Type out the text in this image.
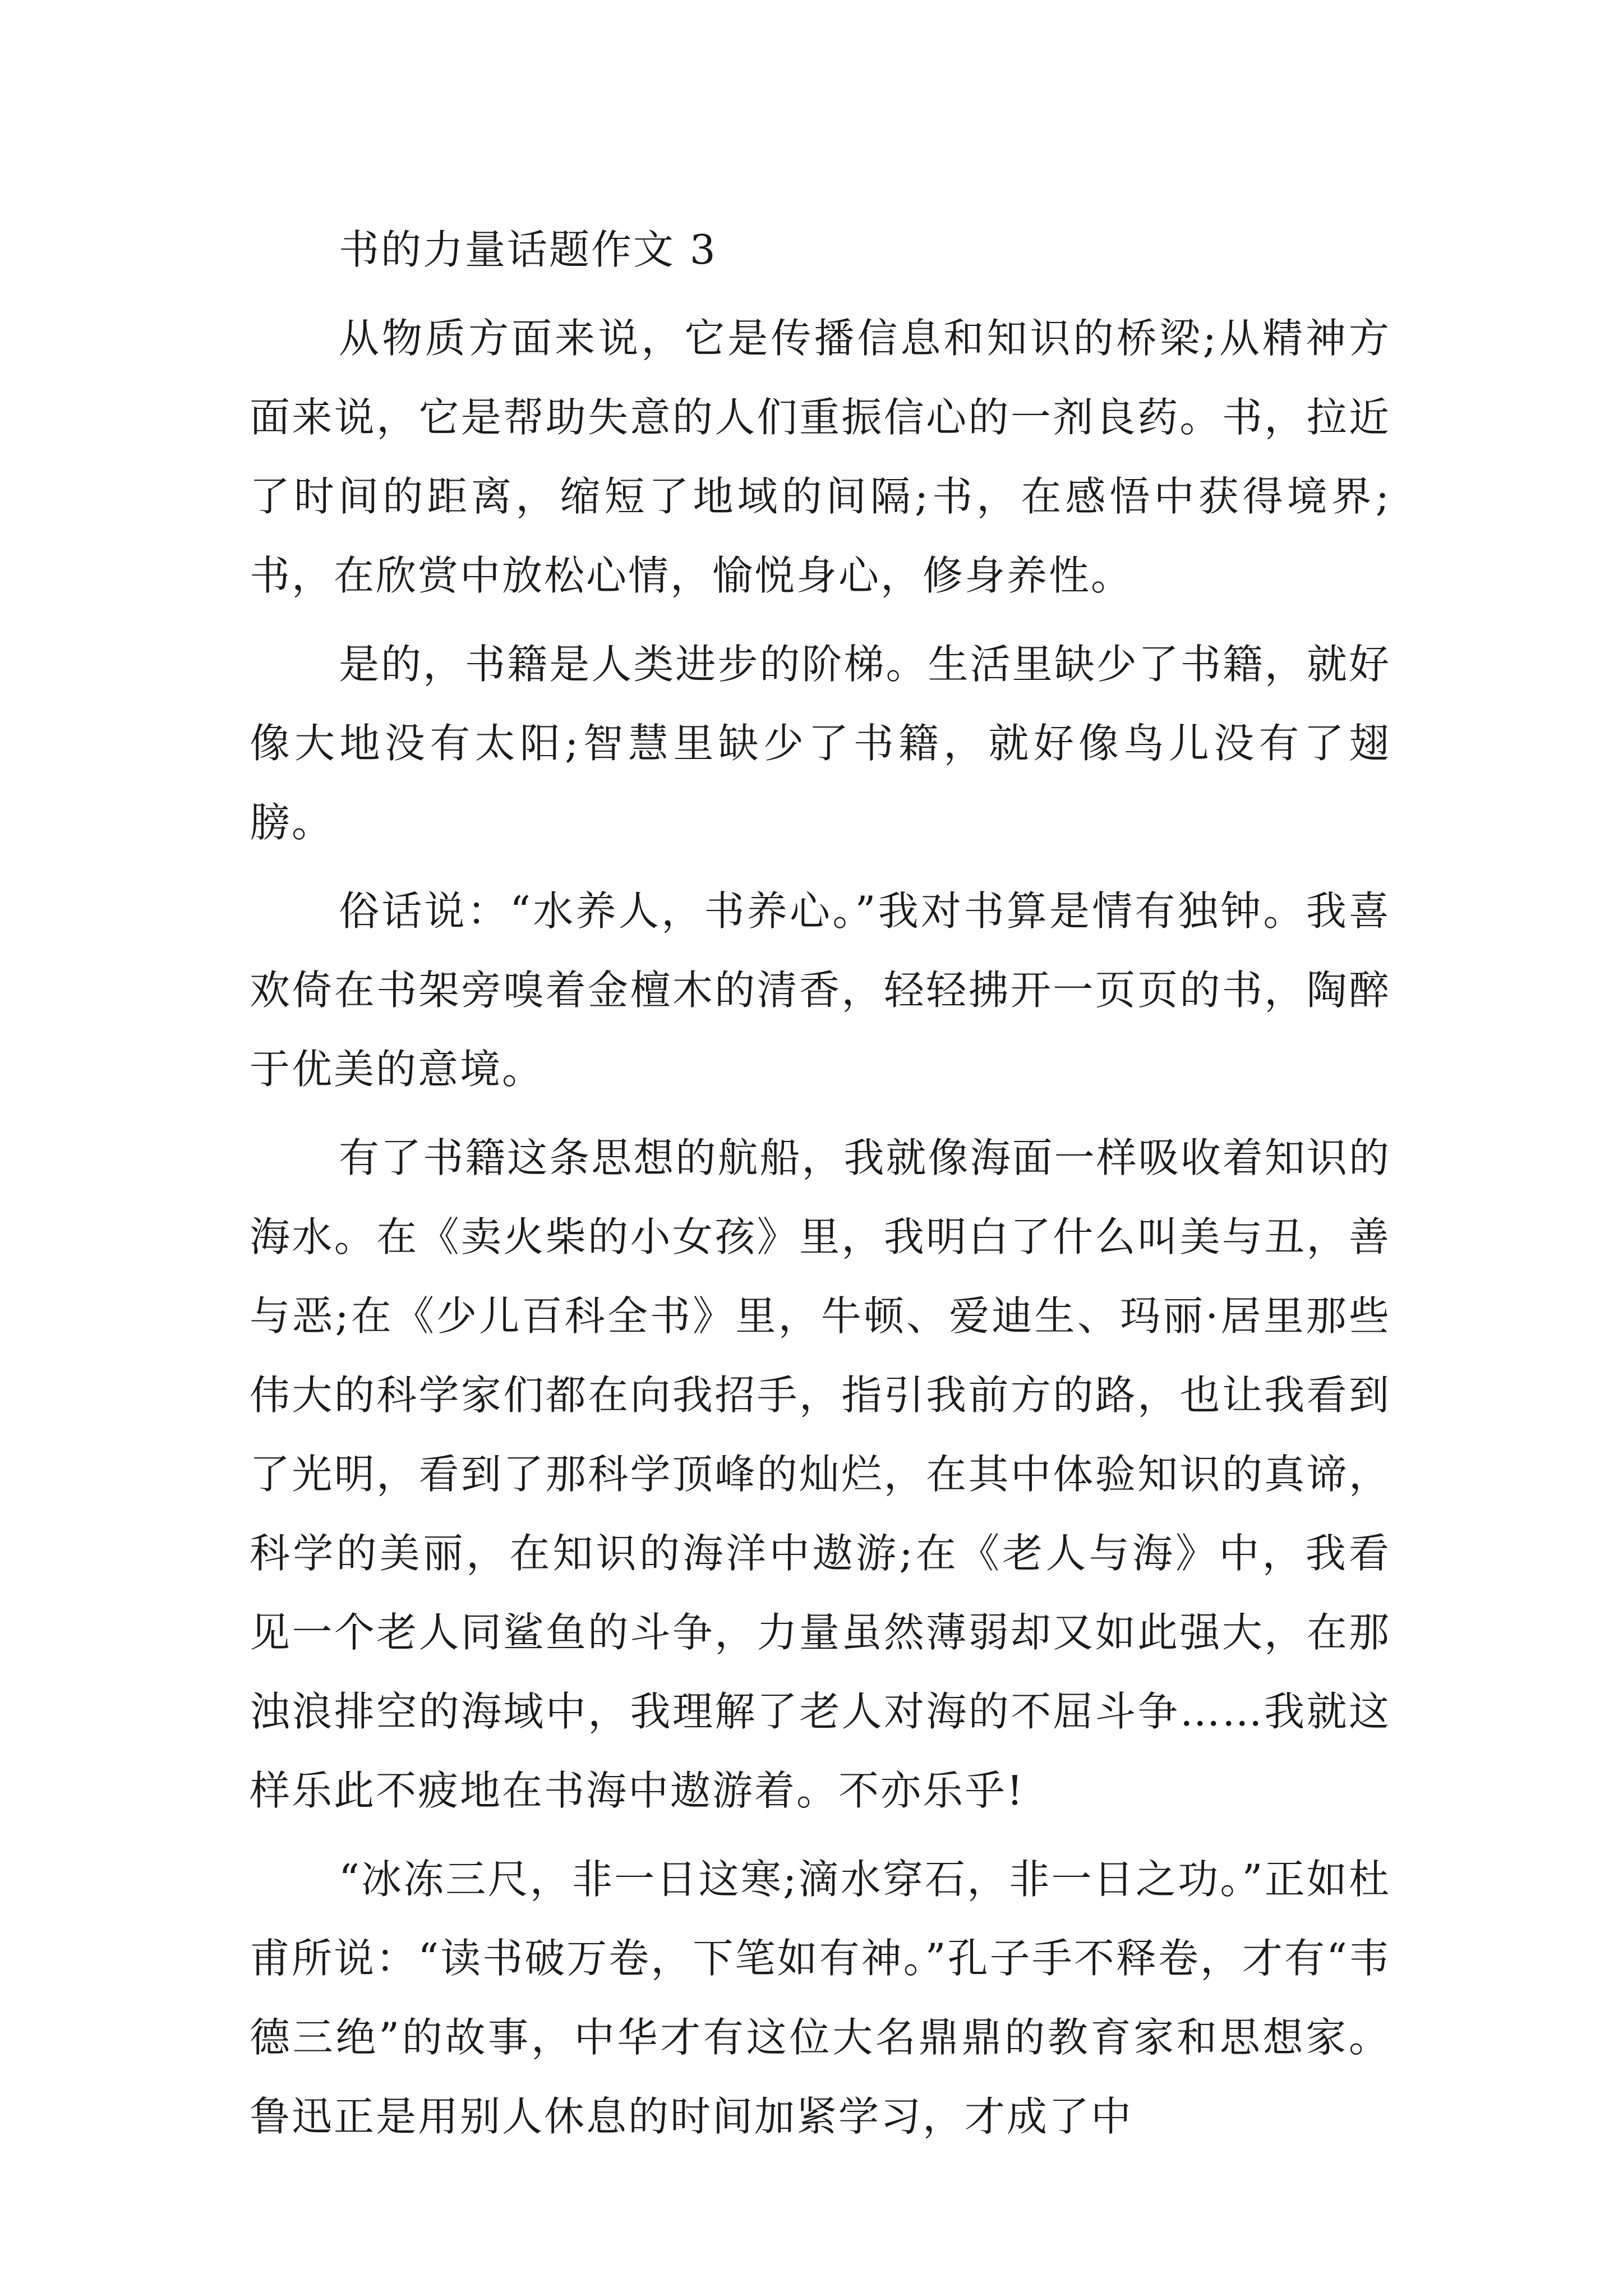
书的力量话题作文 3

从物质方面来说，它是传播信息和知识的桥梁;从精神方面来说，它是帮助失意的人们重振信心的一剂良药。书，拉近了时间的距离，缩短了地域的间隔;书，在感悟中获得境界;书，在欣赏中放松心情，愉悦身心，修身养性。

是的，书籍是人类进步的阶梯。生活里缺少了书籍，就好像大地没有太阳;智慧里缺少了书籍，就好像鸟儿没有了翅膀。

俗话说：“水养人，书养心。”我对书算是情有独钟。我喜欢倚在书架旁嗅着金檀木的清香，轻轻拂开一页页的书，陶醉于优美的意境。

有了书籍这条思想的航船，我就像海面一样吸收着知识的海水。在《卖火柴的小女孩》里，我明白了什么叫美与丑，善与恶;在《少儿百科全书》里，牛顿、爱迪生、玛丽·居里那些伟大的科学家们都在向我招手，指引我前方的路，也让我看到了光明，看到了那科学顶峰的灿烂，在其中体验知识的真谛，科学的美丽，在知识的海洋中遨游;在《老人与海》中，我看见一个老人同鲨鱼的斗争，力量虽然薄弱却又如此强大，在那浊浪排空的海域中，我理解了老人对海的不屈斗争……我就这样乐此不疲地在书海中遨游着。不亦乐乎!

“冰冻三尺，非一日这寒;滴水穿石，非一日之功。”正如杜甫所说：“读书破万卷，下笔如有神。”孔子手不释卷，才有“韦德三绝”的故事，中华才有这位大名鼎鼎的教育家和思想家。鲁迅正是用别人休息的时间加紧学习，才成了中
